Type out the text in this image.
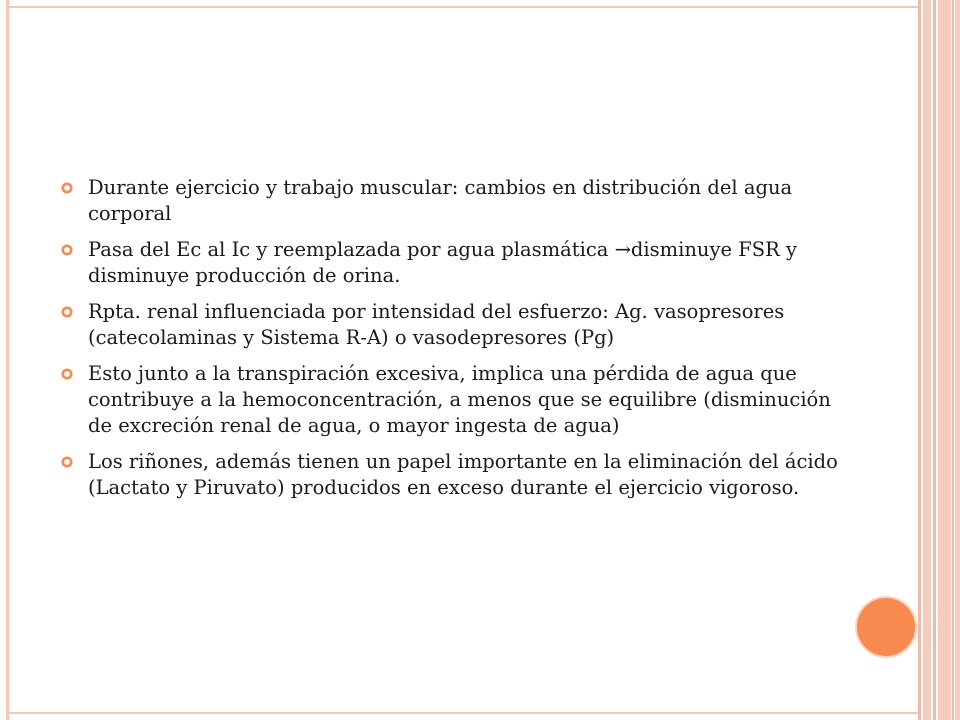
Durante ejercicio y trabajo muscular: cambios en distribución del agua corporal
Pasa del Ec al Ic y reemplazada por agua plasmática →disminuye FSR y disminuye producción de orina.
Rpta. renal influenciada por intensidad del esfuerzo: Ag. vasopresores (catecolaminas y Sistema R-A) o vasodepresores (Pg)
Esto junto a la transpiración excesiva, implica una pérdida de agua que contribuye a la hemoconcentración, a menos que se equilibre (disminución de excreción renal de agua, o mayor ingesta de agua)
Los riñones, además tienen un papel importante en la eliminación del ácido (Lactato y Piruvato) producidos en exceso durante el ejercicio vigoroso.
